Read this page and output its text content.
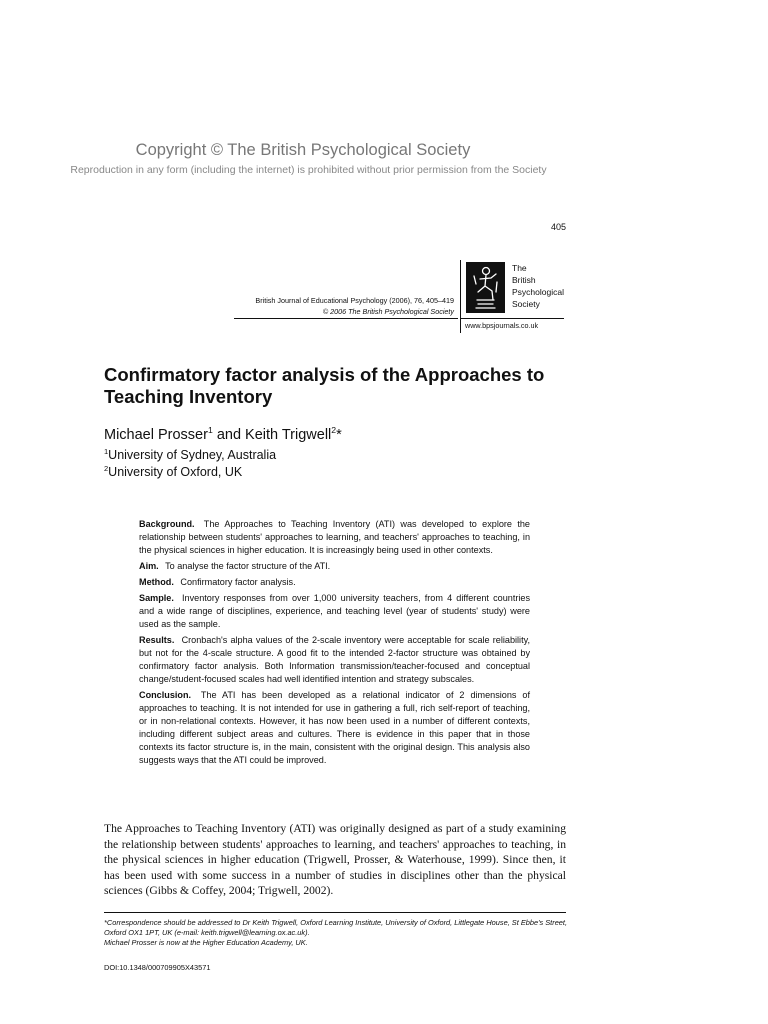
Copyright © The British Psychological Society
Reproduction in any form (including the internet) is prohibited without prior permission from the Society
405
British Journal of Educational Psychology (2006), 76, 405–419
© 2006 The British Psychological Society
The
British
Psychological
Society
www.bpsjournals.co.uk
Confirmatory factor analysis of the Approaches to Teaching Inventory
Michael Prosser$^1$ and Keith Trigwell$^2$*
$^1$University of Sydney, Australia
$^2$University of Oxford, UK

Background. The Approaches to Teaching Inventory (ATI) was developed to explore the relationship between students' approaches to learning, and teachers' approaches to teaching, in the physical sciences in higher education. It is increasingly being used in other contexts.

Aim. To analyse the factor structure of the ATI.

Method. Confirmatory factor analysis.

Sample. Inventory responses from over 1,000 university teachers, from 4 different countries and a wide range of disciplines, experience, and teaching level (year of students' study) were used as the sample.

Results. Cronbach's alpha values of the 2-scale inventory were acceptable for scale reliability, but not for the 4-scale structure. A good fit to the intended 2-factor structure was obtained by confirmatory factor analysis. Both Information transmission/teacher-focused and conceptual change/student-focused scales had well identified intention and strategy subscales.

Conclusion. The ATI has been developed as a relational indicator of 2 dimensions of approaches to teaching. It is not intended for use in gathering a full, rich self-report of teaching, or in non-relational contexts. However, it has now been used in a number of different contexts, including different subject areas and cultures. There is evidence in this paper that in those contexts its factor structure is, in the main, consistent with the original design. This analysis also suggests ways that the ATI could be improved.

The Approaches to Teaching Inventory (ATI) was originally designed as part of a study examining the relationship between students' approaches to learning, and teachers' approaches to teaching, in the physical sciences in higher education (Trigwell, Prosser, & Waterhouse, 1999). Since then, it has been used with some success in a number of studies in disciplines other than the physical sciences (Gibbs & Coffey, 2004; Trigwell, 2002).
*Correspondence should be addressed to Dr Keith Trigwell, Oxford Learning Institute, University of Oxford, Littlegate House, St Ebbe's Street, Oxford OX1 1PT, UK (e-mail: keith.trigwell@learning.ox.ac.uk).
Michael Prosser is now at the Higher Education Academy, UK.
DOI:10.1348/000709905X43571
